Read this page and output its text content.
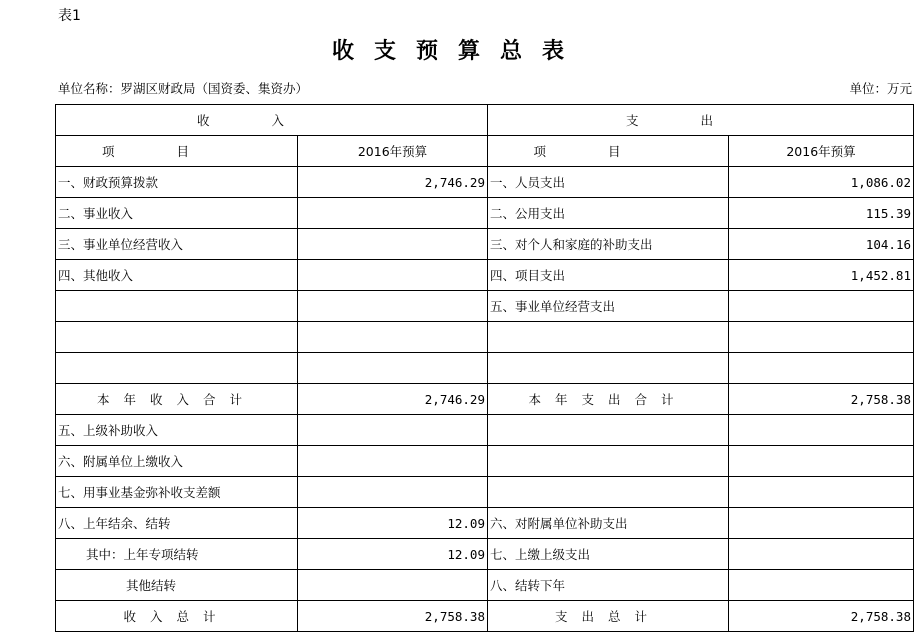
表1
收支预算总表
单位名称：罗湖区财政局（国资委、集资办）	单位：万元
收入		支出	
项目	2016年预算	项目	2016年预算
一、财政预算拨款	2,746.29	一、人员支出	1,086.02
二、事业收入		二、公用支出	115.39
三、事业单位经营收入		三、对个人和家庭的补助支出	104.16
四、其他收入		四、项目支出	1,452.81
		五、事业单位经营支出	

本年收入合计	2,746.29	本年支出合计	2,758.38
五、上级补助收入			
六、附属单位上缴收入			
七、用事业基金弥补收支差额			
八、上年结余、结转	12.09	六、对附属单位补助支出	
其中：上年专项结转	12.09	七、上缴上级支出	
其他结转		八、结转下年	
收入总计	2,758.38	支出总计	2,758.38
